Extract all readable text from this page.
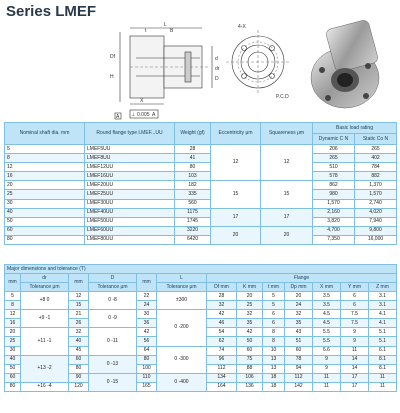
Series LMEF
L
t
d
dr
Df
D
H
X
A ⊥ 0.005 A
B
4-X
P.C.D
Nominal shaft dia. mm	Round flange type LMEF...UU	Weight (gf)	Eccentricity μm	Squareness μm	Basic load rating	
					Dynamic C N	Static Co N
5	LMEF5UU	28	12	12	206	265
8	LMEF8UU	41			265	402
12	LMEF12UU	80			510	784
16	LMEF16UU	103			578	882
20	LMEF20UU	182	15	15	862	1,370
25	LMEF25UU	335			980	1,570
30	LMEF30UU	560			1,570	2,740
40	LMEF40UU	1175	17	17	2,160	4,020
50	LMEF50UU	1745			3,820	7,940
60	LMEF60UU	3220	20	20	4,700	9,800
80	LMEF80UU	6420			7,350	16,000
Major dimensions and tolerance (T)												
mm	dr	mm	D	mm	L	Flange						
	Tolerance μm		Tolerance μm		Tolerance μm	Df mm	K mm	t mm	Dp mm	X mm	Y mm	Z mm
5	+8 0	12	0 -8	22	±300	28	20	5	20	3.5	6	3.1
8		15		24		32	25	5	24	3.5	6	3.1
12	+9 -1	21	0 -9	30	0 -200	42	32	6	32	4.5	7.5	4.1
16		26		36		46	35	6	35	4.5	7.5	4.1
20	+11 -1	32	0 -11	42		54	42	8	43	5.5	9	5.1
25		40		56		62	50	8	51	5.5	9	5.1
30		45		64	0 -300	74	60	10	60	6.6	11	6.1
40	+13 -2	60	0 -13	80		96	75	13	78	9	14	8.1
50		80		100		112	88	13	94	9	14	8.1
60		90	0 -15	110	0 -400	134	106	18	112	11	17	11
80	+16 -4	120		165		164	136	18	142	11	17	11
